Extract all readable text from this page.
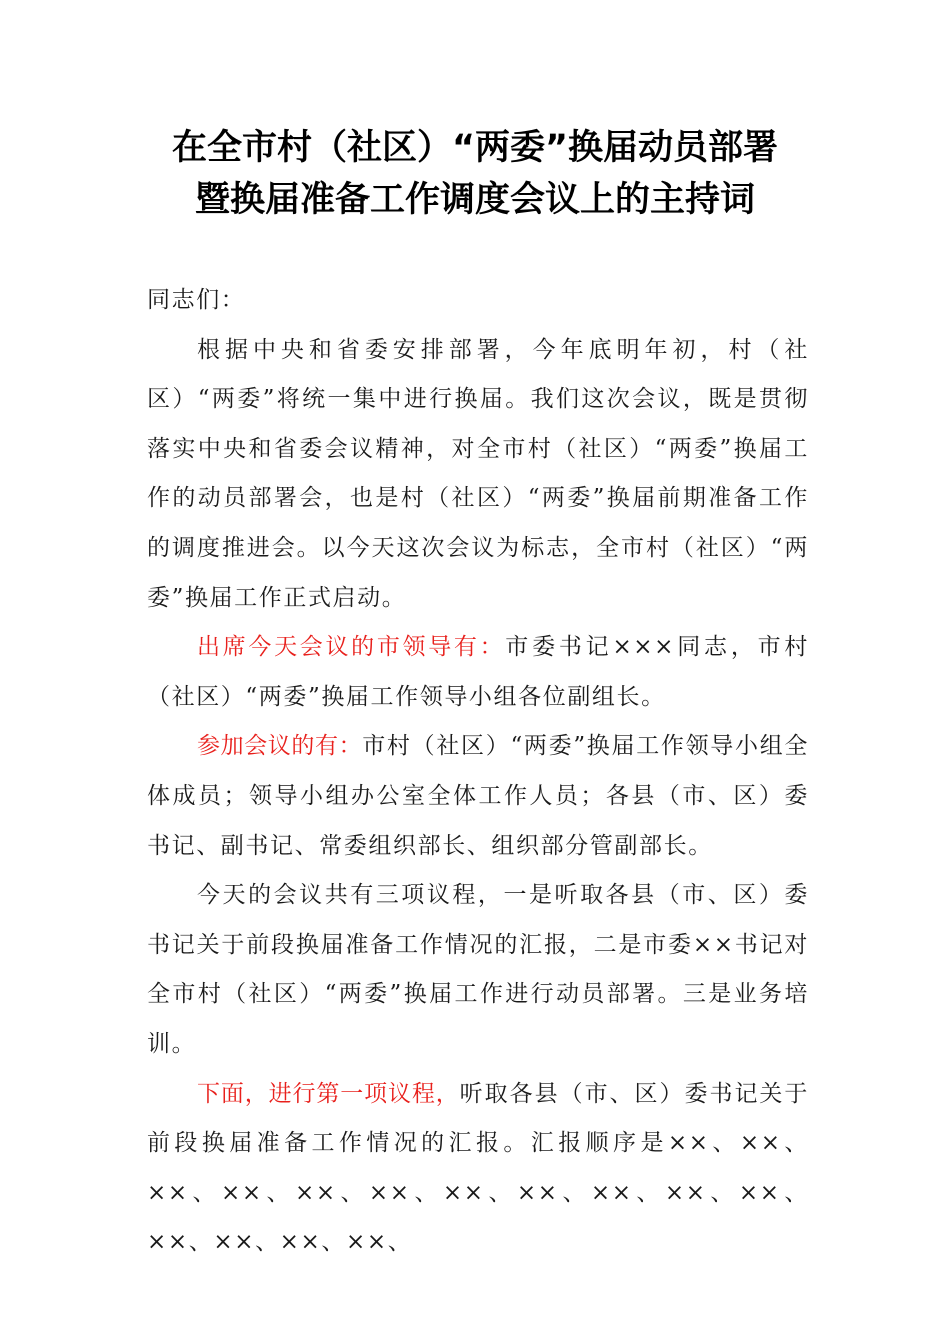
在全市村（社区）“两委”换届动员部署
暨换届准备工作调度会议上的主持词

同志们：

根据中央和省委安排部署，今年底明年初，村（社区）“两委”将统一集中进行换届。我们这次会议，既是贯彻落实中央和省委会议精神，对全市村（社区）“两委”换届工作的动员部署会，也是村（社区）“两委”换届前期准备工作的调度推进会。以今天这次会议为标志，全市村（社区）“两委”换届工作正式启动。

出席今天会议的市领导有：市委书记×××同志，市村（社区）“两委”换届工作领导小组各位副组长。

参加会议的有：市村（社区）“两委”换届工作领导小组全体成员；领导小组办公室全体工作人员；各县（市、区）委书记、副书记、常委组织部长、组织部分管副部长。

今天的会议共有三项议程，一是听取各县（市、区）委书记关于前段换届准备工作情况的汇报，二是市委××书记对全市村（社区）“两委”换届工作进行动员部署。三是业务培训。

下面，进行第一项议程，听取各县（市、区）委书记关于前段换届准备工作情况的汇报。汇报顺序是××、××、××、××、××、××、××、××、××、××、××、××、××、××、××、
